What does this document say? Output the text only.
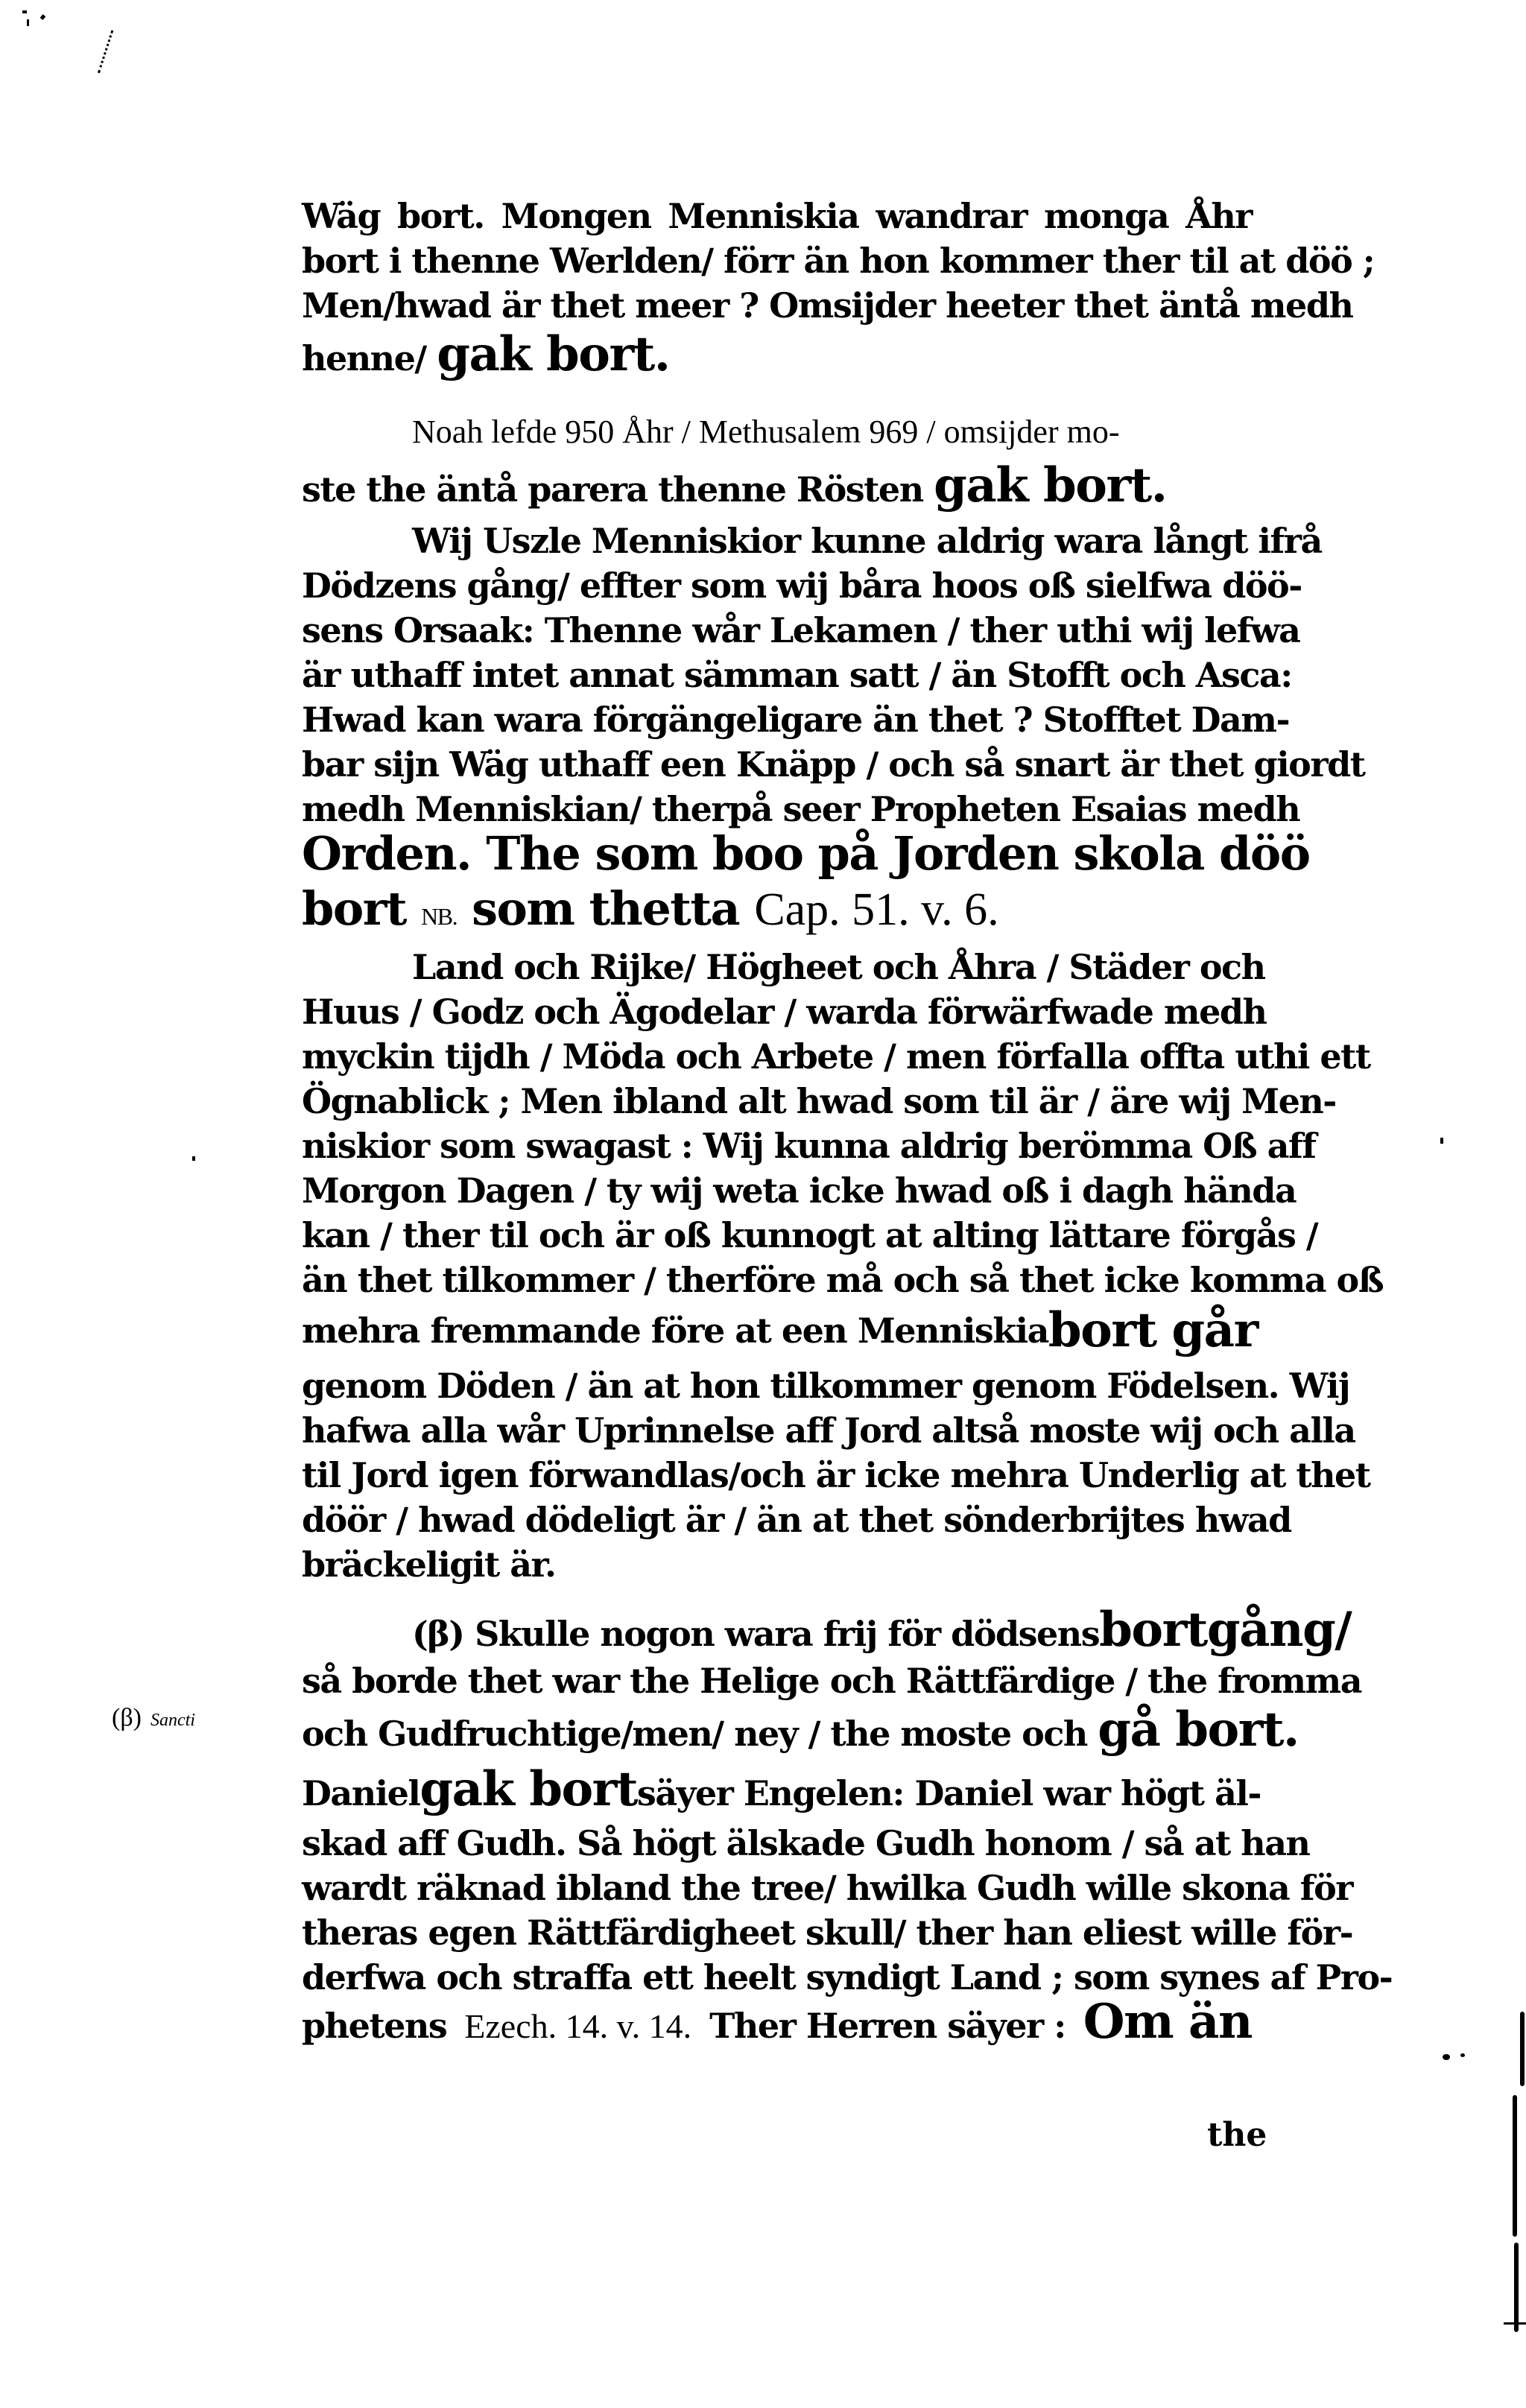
Wäg bort. Mongen Menniskia wandrar monga Åhr
bort i thenne Werlden/ förr än hon kommer ther til at döö ;
Men/hwad är thet meer ? Omsijder heeter thet äntå medh
henne/ gak bort.
Noah lefde 950 Åhr / Methusalem 969 / omsijder mo-
ste the äntå parera thenne Rösten gak bort.
Wij Uszle Menniskior kunne aldrig wara långt ifrå
Dödzens gång/ effter som wij båra hoos oß sielfwa döö-
sens Orsaak: Thenne wår Lekamen / ther uthi wij lefwa
är uthaff intet annat sämman satt / än Stofft och Asca:
Hwad kan wara förgängeligare än thet ? Stofftet Dam-
bar sijn Wäg uthaff een Knäpp / och så snart är thet giordt
medh Menniskian/ therpå seer Propheten Esaias medh
Orden. The som boo på Jorden skola döö
bort NB. som thetta Cap. 51. v. 6.
Land och Rijke/ Högheet och Åhra / Städer och
Huus / Godz och Ägodelar / warda förwärfwade medh
myckin tijdh / Möda och Arbete / men förfalla offta uthi ett
Ögnablick ; Men ibland alt hwad som til är / äre wij Men-
niskior som swagast : Wij kunna aldrig berömma Oß aff
Morgon Dagen / ty wij weta icke hwad oß i dagh hända
kan / ther til och är oß kunnogt at alting lättare förgås /
än thet tilkommer / therföre må och så thet icke komma oß
mehra fremmande före at een Menniskia bort går
genom Döden / än at hon tilkommer genom Födelsen. Wij
hafwa alla wår Uprinnelse aff Jord altså moste wij och alla
til Jord igen förwandlas/och är icke mehra Underlig at thet
döör / hwad dödeligt är / än at thet sönderbrijtes hwad
bräckeligit är.
(β) Skulle nogon wara frij för dödsens bortgång/
så borde thet war the Helige och Rättfärdige / the fromma
och Gudfruchtige/men/ ney / the moste och gå bort.
Daniel gak bort säyer Engelen: Daniel war högt äl-
skad aff Gudh. Så högt älskade Gudh honom / så at han
wardt räknad ibland the tree/ hwilka Gudh wille skona för
theras egen Rättfärdigheet skull/ ther han eliest wille för-
derfwa och straffa ett heelt syndigt Land ; som synes af Pro-
phetens Ezech. 14. v. 14. Ther Herren säyer : Om än
(β) Sancti
the
